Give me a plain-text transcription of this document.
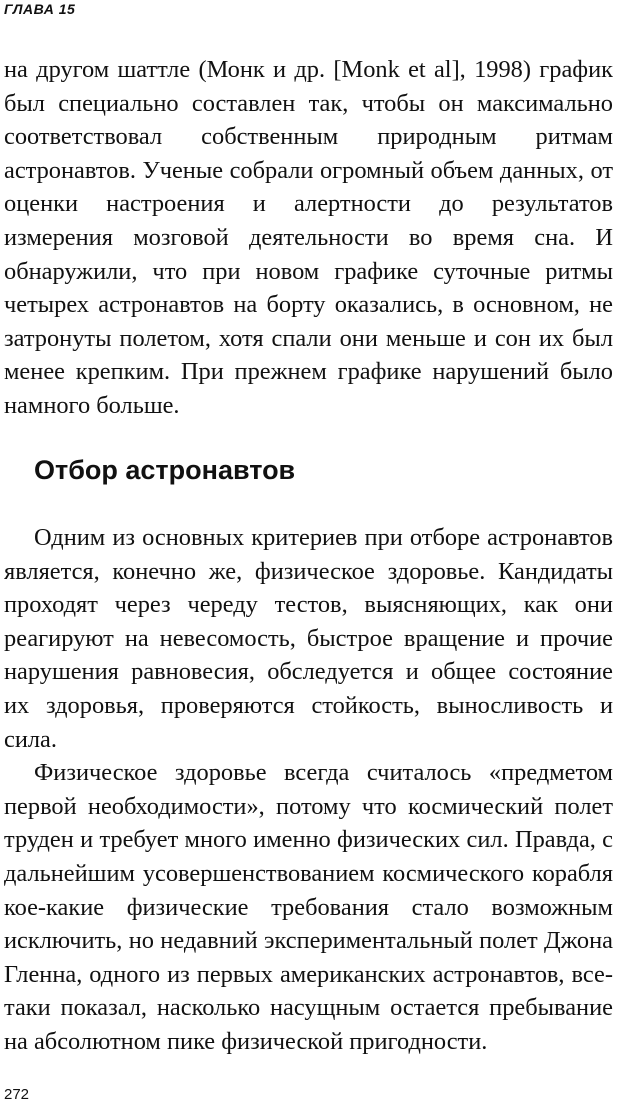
ГЛАВА 15

на другом шаттле (Монк и др. [Monk et al], 1998) график был специально составлен так, чтобы он максимально соответствовал собственным природным ритмам астронавтов. Ученые собрали огромный объем данных, от оценки настроения и алертности до результатов измерения мозговой деятельности во время сна. И обнаружили, что при новом графике суточные ритмы четырех астронавтов на борту оказались, в основном, не затронуты полетом, хотя спали они меньше и сон их был менее крепким. При прежнем графике нарушений было намного больше.

Отбор астронавтов

Одним из основных критериев при отборе астронавтов является, конечно же, физическое здоровье. Кандидаты проходят через череду тестов, выясняющих, как они реагируют на невесомость, быстрое вращение и прочие нарушения равновесия, обследуется и общее состояние их здоровья, проверяются стойкость, выносливость и сила.

Физическое здоровье всегда считалось «предметом первой необходимости», потому что космический полет труден и требует много именно физических сил. Правда, с дальнейшим усовершенствованием космического корабля кое-какие физические требования стало возможным исключить, но недавний экспериментальный полет Джона Гленна, одного из первых американских астронавтов, все-таки показал, насколько насущным остается пребывание на абсолютном пике физической пригодности.

272
